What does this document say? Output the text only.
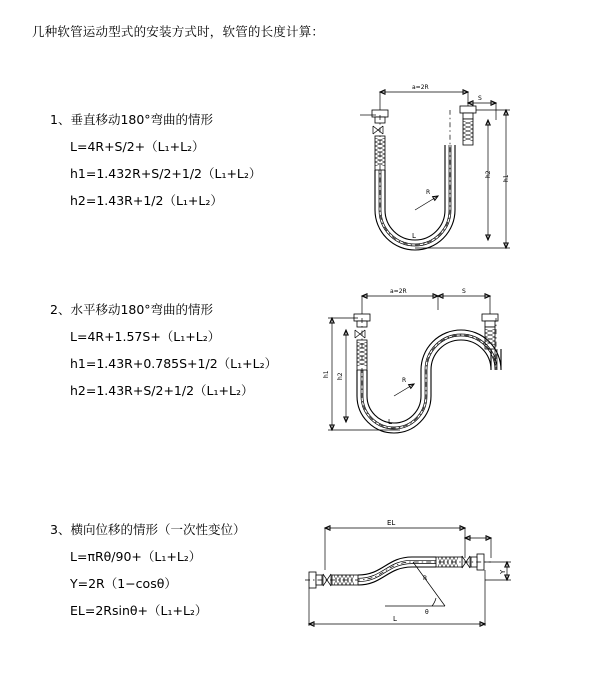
几种软管运动型式的安装方式时，软管的长度计算：
1、垂直移动180°弯曲的情形
L=4R+S/2+（L₁+L₂）
h1=1.432R+S/2+1/2（L₁+L₂）
h2=1.43R+1/2（L₁+L₂）
a=2R
S
R
h1
h2
L
2、水平移动180°弯曲的情形
L=4R+1.57S+（L₁+L₂）
h1=1.43R+0.785S+1/2（L₁+L₂）
h2=1.43R+S/2+1/2（L₁+L₂）
a=2R	S
R
h1 h2
L
3、横向位移的情形（一次性变位）
L=πRθ/90+（L₁+L₂）
Y=2R（1−cosθ）
EL=2Rsinθ+（L₁+L₂）
EL
θ
R
Y
L
